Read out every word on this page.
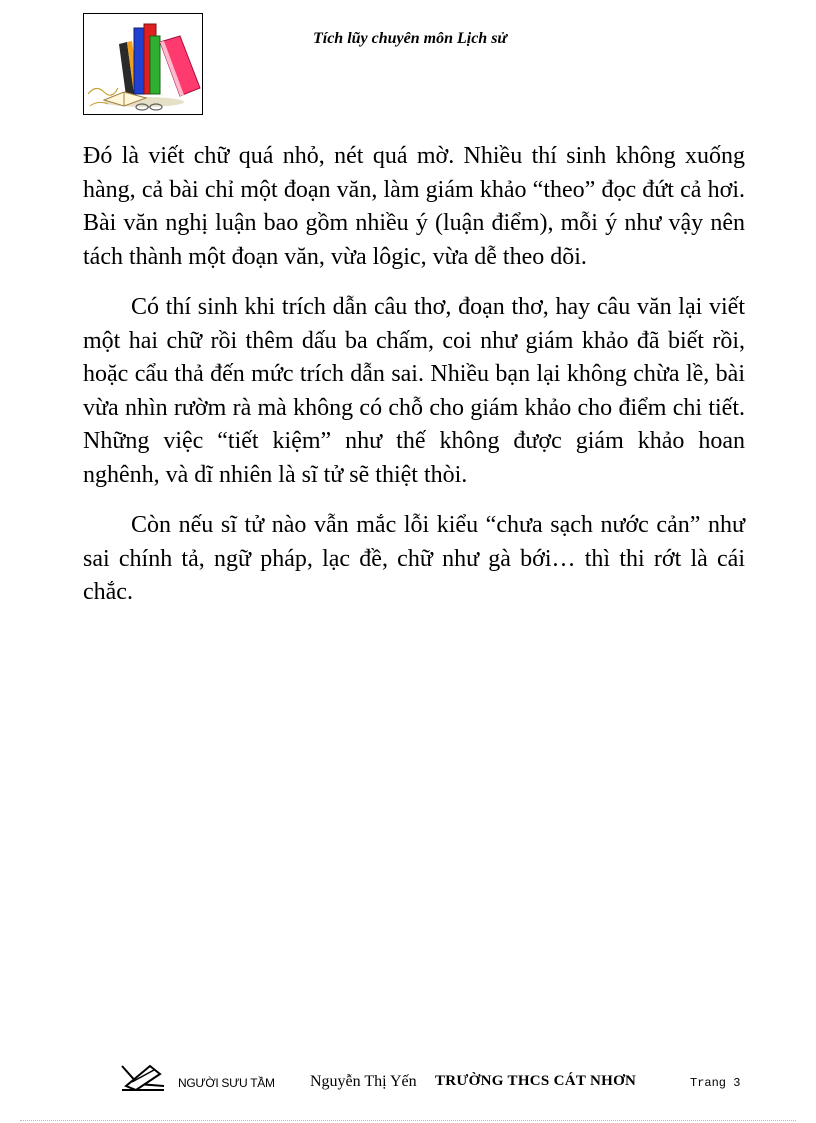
Tích lũy chuyên môn Lịch sử

Đó là viết chữ quá nhỏ, nét quá mờ. Nhiều thí sinh không xuống hàng, cả bài chỉ một đoạn văn, làm giám khảo “theo” đọc đứt cả hơi. Bài văn nghị luận bao gồm nhiều ý (luận điểm), mỗi ý như vậy nên tách thành một đoạn văn, vừa lôgic, vừa dễ theo dõi.

Có thí sinh khi trích dẫn câu thơ, đoạn thơ, hay câu văn lại viết một hai chữ rồi thêm dấu ba chấm, coi như giám khảo đã biết rồi, hoặc cẩu thả đến mức trích dẫn sai. Nhiều bạn lại không chừa lề, bài vừa nhìn rườm rà mà không có chỗ cho giám khảo cho điểm chi tiết. Những việc “tiết kiệm” như thế không được giám khảo hoan nghênh, và dĩ nhiên là sĩ tử sẽ thiệt thòi.

Còn nếu sĩ tử nào vẫn mắc lỗi kiểu “chưa sạch nước cản” như sai chính tả, ngữ pháp, lạc đề, chữ như gà bới… thì thi rớt là cái chắc.

NGƯỜI SƯU TẦM Nguyễn Thị Yến TRƯỜNG THCS CÁT NHƠN	Trang 3
